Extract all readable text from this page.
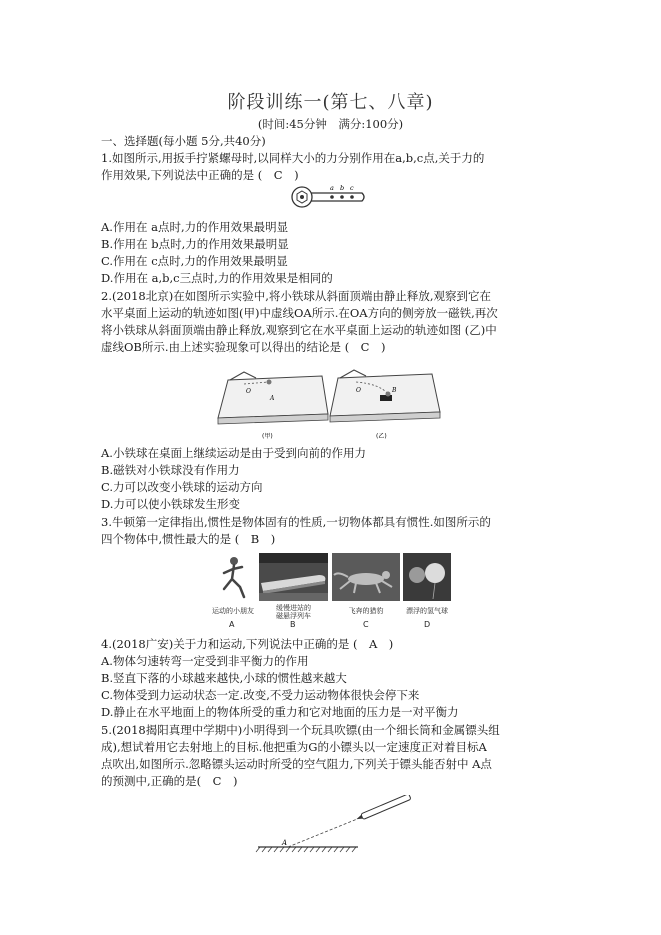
阶段训练一(第七、八章)
(时间:45分钟　满分:100分)
一、选择题(每小题 5分,共40分)
1.如图所示,用扳手拧紧螺母时,以同样大小的力分别作用在a,b,c点,关于力的
作用效果,下列说法中正确的是 (　C　)
a b c
A.作用在 a点时,力的作用效果最明显
B.作用在 b点时,力的作用效果最明显
C.作用在 c点时,力的作用效果最明显
D.作用在 a,b,c三点时,力的作用效果是相同的
2.(2018北京)在如图所示实验中,将小铁球从斜面顶端由静止释放,观察到它在
水平桌面上运动的轨迹如图(甲)中虚线OA所示.在OA方向的侧旁放一磁铁,再次
将小铁球从斜面顶端由静止释放,观察到它在水平桌面上运动的轨迹如图 (乙)中
虚线OB所示.由上述实验现象可以得出的结论是 (　C　)
O
A
O	B
(甲)	(乙)
A.小铁球在桌面上继续运动是由于受到向前的作用力
B.磁铁对小铁球没有作用力
C.力可以改变小铁球的运动方向
D.力可以使小铁球发生形变
3.牛顿第一定律指出,惯性是物体固有的性质,一切物体都具有惯性.如图所示的
四个物体中,惯性最大的是 (　B　)
运动的小朋友
A
缓慢进站的
磁悬浮列车
B
飞奔的猎豹
C
漂浮的氢气球
D
4.(2018广安)关于力和运动,下列说法中正确的是 (　A　)
A.物体匀速转弯一定受到非平衡力的作用
B.竖直下落的小球越来越快,小球的惯性越来越大
C.物体受到力运动状态一定.改变,不受力运动物体很快会停下来
D.静止在水平地面上的物体所受的重力和它对地面的压力是一对平衡力
5.(2018揭阳真理中学期中)小明得到一个玩具吹镖(由一个细长筒和金属镖头组
成),想试着用它去射地上的目标.他把重为G的小镖头以一定速度正对着目标A
点吹出,如图所示.忽略镖头运动时所受的空气阻力,下列关于镖头能否射中 A点
的预测中,正确的是(　C　)
A
